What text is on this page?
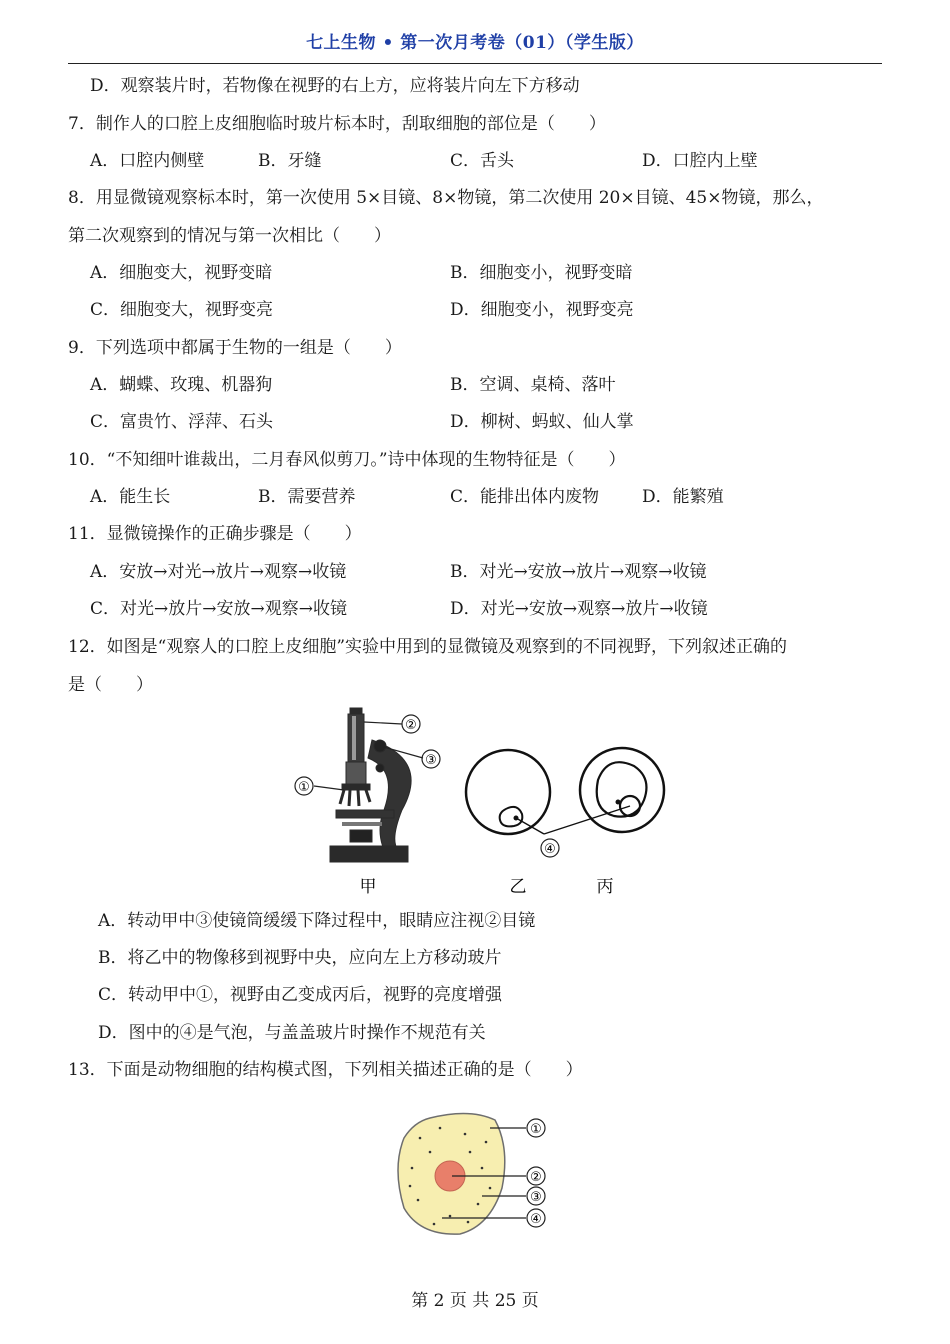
七上生物 • 第一次月考卷（01）（学生版）
D．观察装片时，若物像在视野的右上方，应将装片向左下方移动
7．制作人的口腔上皮细胞临时玻片标本时，刮取细胞的部位是（　　）
A．口腔内侧壁	B．牙缝	C．舌头	D．口腔内上壁
8．用显微镜观察标本时，第一次使用 5×目镜、8×物镜，第二次使用 20×目镜、45×物镜，那么，
第二次观察到的情况与第一次相比（　　）
A．细胞变大，视野变暗	B．细胞变小，视野变暗
C．细胞变大，视野变亮	D．细胞变小，视野变亮
9．下列选项中都属于生物的一组是（　　）
A．蝴蝶、玫瑰、机器狗	B．空调、桌椅、落叶
C．富贵竹、浮萍、石头	D．柳树、蚂蚁、仙人掌
10．“不知细叶谁裁出，二月春风似剪刀。”诗中体现的生物特征是（　　）
A．能生长	B．需要营养	C．能排出体内废物	D．能繁殖
11．显微镜操作的正确步骤是（　　）
A．安放→对光→放片→观察→收镜	B．对光→安放→放片→观察→收镜
C．对光→放片→安放→观察→收镜	D．对光→安放→观察→放片→收镜
12．如图是“观察人的口腔上皮细胞”实验中用到的显微镜及观察到的不同视野，下列叙述正确的
是（　　）
②
③
①
④
甲	乙	丙
A．转动甲中③使镜筒缓缓下降过程中，眼睛应注视②目镜
B．将乙中的物像移到视野中央，应向左上方移动玻片
C．转动甲中①，视野由乙变成丙后，视野的亮度增强
D．图中的④是气泡，与盖盖玻片时操作不规范有关
13．下面是动物细胞的结构模式图，下列相关描述正确的是（　　）
①
②
③
④
第 2 页 共 25 页
